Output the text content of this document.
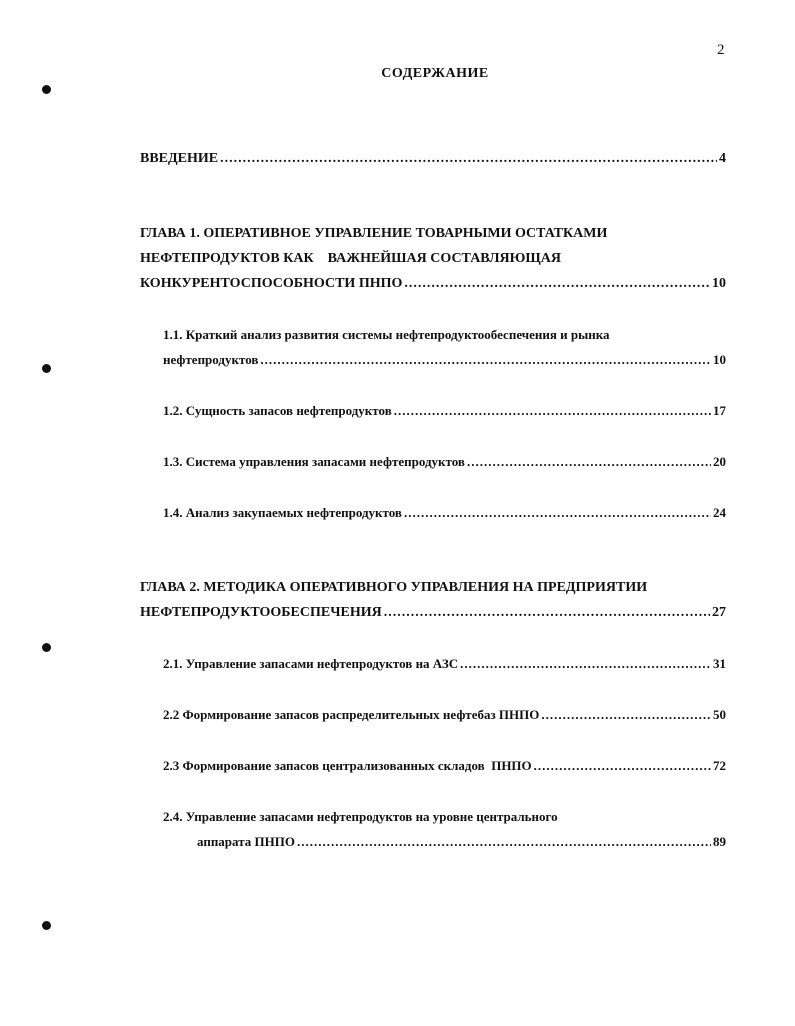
2
СОДЕРЖАНИЕ
ВВЕДЕНИЕ .....	4
ГЛАВА 1. ОПЕРАТИВНОЕ УПРАВЛЕНИЕ ТОВАРНЫМИ ОСТАТКАМИ
НЕФТЕПРОДУКТОВ КАК    ВАЖНЕЙШАЯ СОСТАВЛЯЮЩАЯ
КОНКУРЕНТОСПОСОБНОСТИ ПНПО .....	10
1.1. Краткий анализ развития системы нефтепродуктообеспечения и рынка
нефтепродуктов .....	10
1.2. Сущность запасов нефтепродуктов .....	17
1.3. Система управления запасами нефтепродуктов .....	20
1.4. Анализ закупаемых нефтепродуктов .....	24
ГЛАВА 2. МЕТОДИКА ОПЕРАТИВНОГО УПРАВЛЕНИЯ НА ПРЕДПРИЯТИИ
НЕФТЕПРОДУКТООБЕСПЕЧЕНИЯ .....	27
2.1. Управление запасами нефтепродуктов на АЗС .....	31
2.2 Формирование запасов распределительных нефтебаз ПНПО .....	50
2.3 Формирование запасов централизованных складов  ПНПО .....	72
2.4. Управление запасами нефтепродуктов на уровне центрального
аппарата ПНПО .....	89
